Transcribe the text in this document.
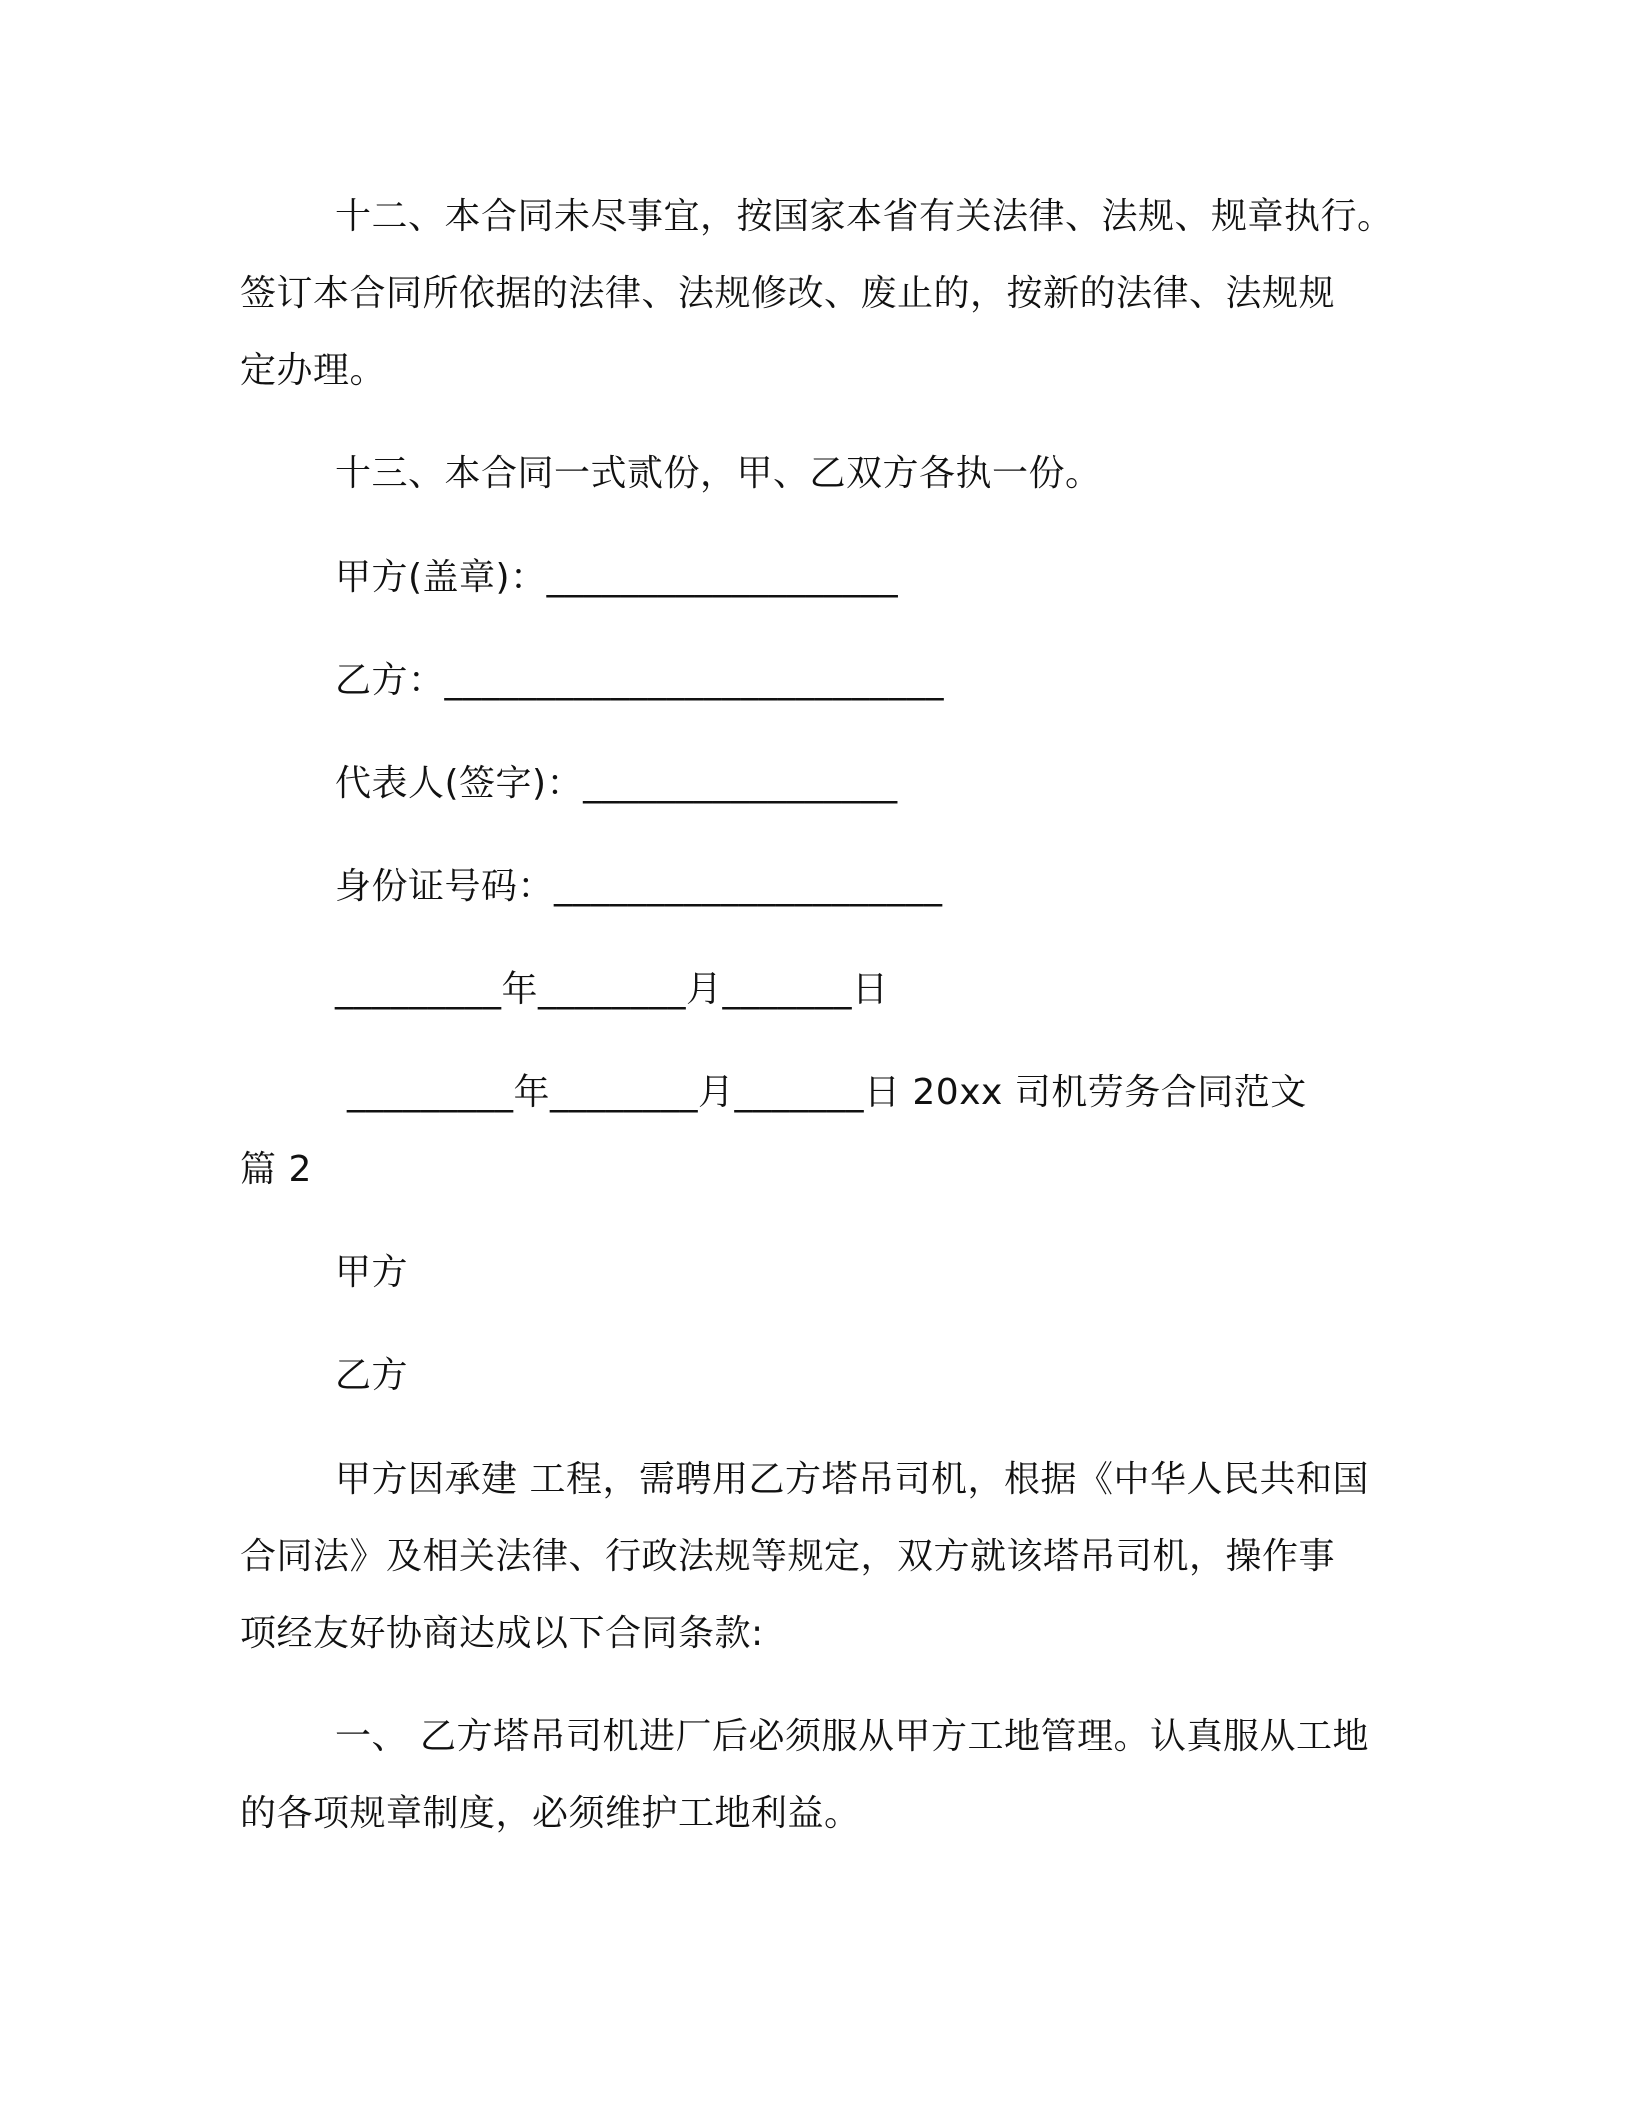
十二、本合同未尽事宜，按国家本省有关法律、法规、规章执行。
签订本合同所依据的法律、法规修改、废止的，按新的法律、法规规
定办理。
十三、本合同一式贰份，甲、乙双方各执一份。
甲方(盖章)：___________________
乙方：___________________________
代表人(签字)：_________________
身份证号码：_____________________
_________年________月_______日
_________年________月_______日 20xx 司机劳务合同范文
篇 2
甲方
乙方
甲方因承建 工程，需聘用乙方塔吊司机，根据《中华人民共和国
合同法》及相关法律、行政法规等规定，双方就该塔吊司机，操作事
项经友好协商达成以下合同条款:
一、 乙方塔吊司机进厂后必须服从甲方工地管理。认真服从工地
的各项规章制度，必须维护工地利益。
